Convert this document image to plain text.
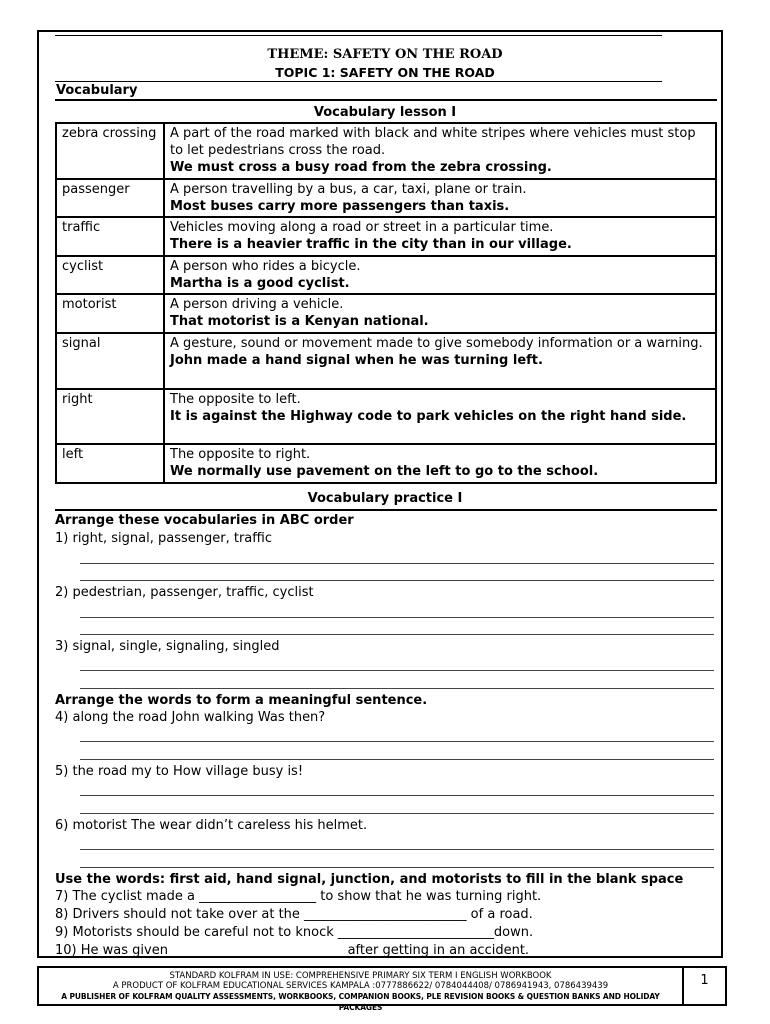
THEME: SAFETY ON THE ROAD
TOPIC 1: SAFETY ON THE ROAD
Vocabulary
Vocabulary lesson I
zebra crossing	A part of the road marked with black and white stripes where vehicles must stop to let pedestrians cross the road.
We must cross a busy road from the zebra crossing.

passenger	A person travelling by a bus, a car, taxi, plane or train.
Most buses carry more passengers than taxis.

traffic	Vehicles moving along a road or street in a particular time.
There is a heavier traffic in the city than in our village.

cyclist	A person who rides a bicycle.
Martha is a good cyclist.

motorist	A person driving a vehicle.
That motorist is a Kenyan national.

signal	A gesture, sound or movement made to give somebody information or a warning.
John made a hand signal when he was turning left.

right	The opposite to left.
It is against the Highway code to park vehicles on the right hand side.

left	The opposite to right.
We normally use pavement on the left to go to the school.
Vocabulary practice I
Arrange these vocabularies in ABC order
1) right, signal, passenger, traffic
2) pedestrian, passenger, traffic, cyclist
3) signal, single, signaling, singled
Arrange the words to form a meaningful sentence.
4) along the road John walking Was then?
5) the road my to How village busy is!
6) motorist The wear didn’t careless his helmet.
Use the words: first aid, hand signal, junction, and motorists to fill in the blank space
7) The cyclist made a __________________ to show that he was turning right.
8) Drivers should not take over at the _________________________ of a road.
9) Motorists should be careful not to knock ________________________down.
10) He was given ___________________________after getting in an accident.
STANDARD KOLFRAM IN USE: COMPREHENSIVE PRIMARY SIX TERM I ENGLISH WORKBOOK
A PRODUCT OF KOLFRAM EDUCATIONAL SERVICES KAMPALA :0777886622/ 0784044408/ 0786941943, 0786439439
A PUBLISHER OF KOLFRAM QUALITY ASSESSMENTS, WORKBOOKS, COMPANION BOOKS, PLE REVISION BOOKS & QUESTION BANKS AND HOLIDAY PACKAGES
1
